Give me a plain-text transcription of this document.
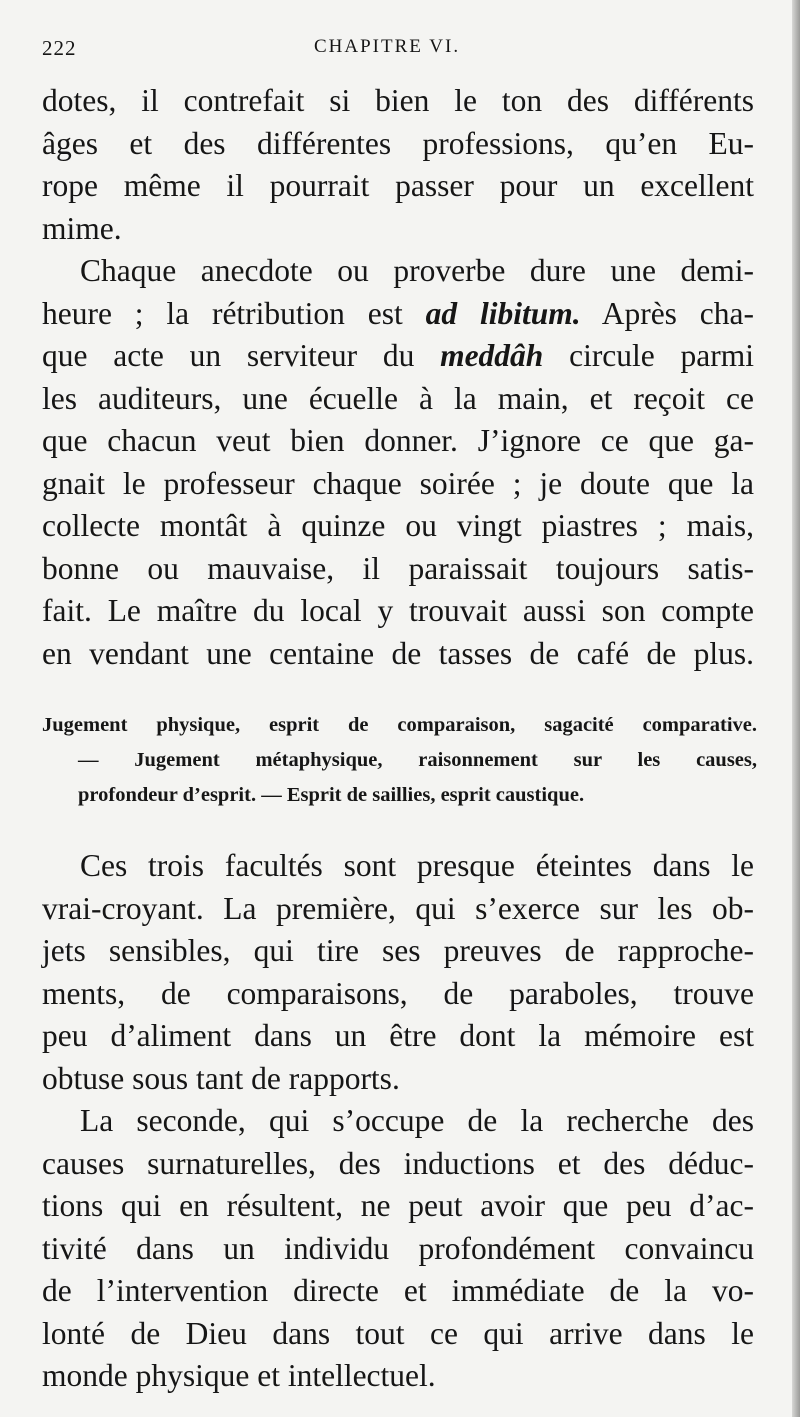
222	CHAPITRE VI.
dotes, il contrefait si bien le ton des différents
âges et des différentes professions, qu’en Eu-
rope même il pourrait passer pour un excellent
mime.
Chaque anecdote ou proverbe dure une demi-
heure ; la rétribution est ad libitum. Après cha-
que acte un serviteur du meddâh circule parmi
les auditeurs, une écuelle à la main, et reçoit ce
que chacun veut bien donner. J’ignore ce que ga-
gnait le professeur chaque soirée ; je doute que la
collecte montât à quinze ou vingt piastres ; mais,
bonne ou mauvaise, il paraissait toujours satis-
fait. Le maître du local y trouvait aussi son compte
en vendant une centaine de tasses de café de plus.
Jugement physique, esprit de comparaison, sagacité comparative.
— Jugement métaphysique, raisonnement sur les causes,
profondeur d’esprit. — Esprit de saillies, esprit caustique.
Ces trois facultés sont presque éteintes dans le
vrai-croyant. La première, qui s’exerce sur les ob-
jets sensibles, qui tire ses preuves de rapproche-
ments, de comparaisons, de paraboles, trouve
peu d’aliment dans un être dont la mémoire est
obtuse sous tant de rapports.
La seconde, qui s’occupe de la recherche des
causes surnaturelles, des inductions et des déduc-
tions qui en résultent, ne peut avoir que peu d’ac-
tivité dans un individu profondément convaincu
de l’intervention directe et immédiate de la vo-
lonté de Dieu dans tout ce qui arrive dans le
monde physique et intellectuel.
